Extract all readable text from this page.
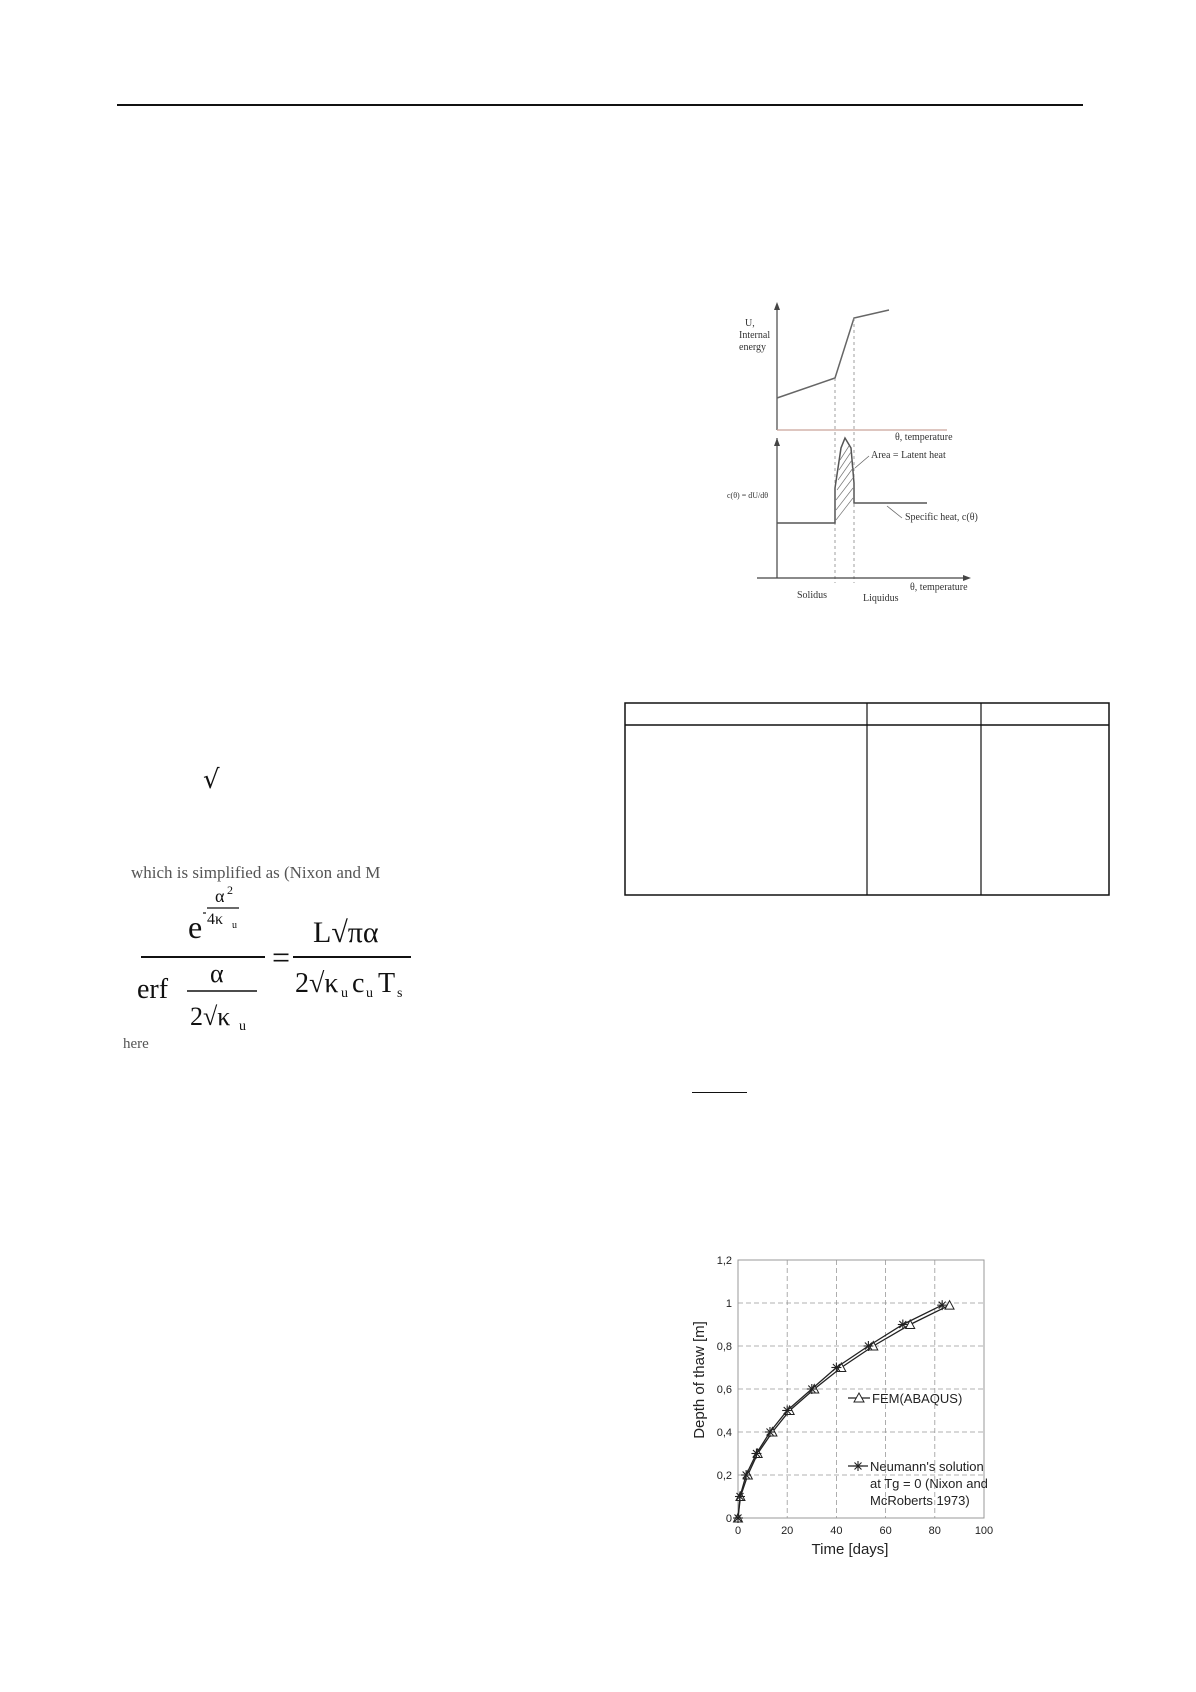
√
which is simplified as (Nixon and M
e
α 2
4κ u
erf
α
2√κ u
=
L√πα
2√κ u c u T s
here
U,
Internal
energy
θ, temperature
c(θ) = dU/dθ
Area = Latent heat
Specific heat, c(θ)
θ, temperature
Solidus	Liquidus
0	20	40	60	80	100
0
0,2
0,4
0,6
0,8
1
1,2
Time [days]
Depth of thaw [m]	FEM(ABAQUS)
Neumann's solution
at Tg = 0 (Nixon and
McRoberts 1973)
